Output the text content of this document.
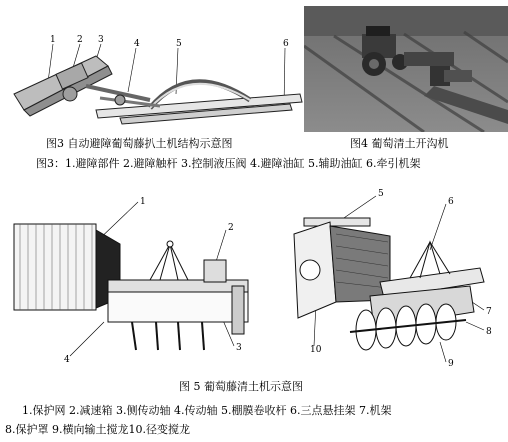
1 2 3	4	5	6
1
2
3
4
5
6
7
8
9
10
图3 自动避障葡萄藤扒土机结构示意图	图4 葡萄清土开沟机
图3：1.避障部件 2.避障触杆 3.控制液压阀 4.避障油缸 5.辅助油缸 6.牵引机架
图 5 葡萄藤清土机示意图
1.保护网 2.减速箱 3.侧传动轴 4.传动轴 5.棚膜卷收杆 6.三点悬挂架 7.机架
8.保护罩 9.横向输土搅龙10.径变搅龙
